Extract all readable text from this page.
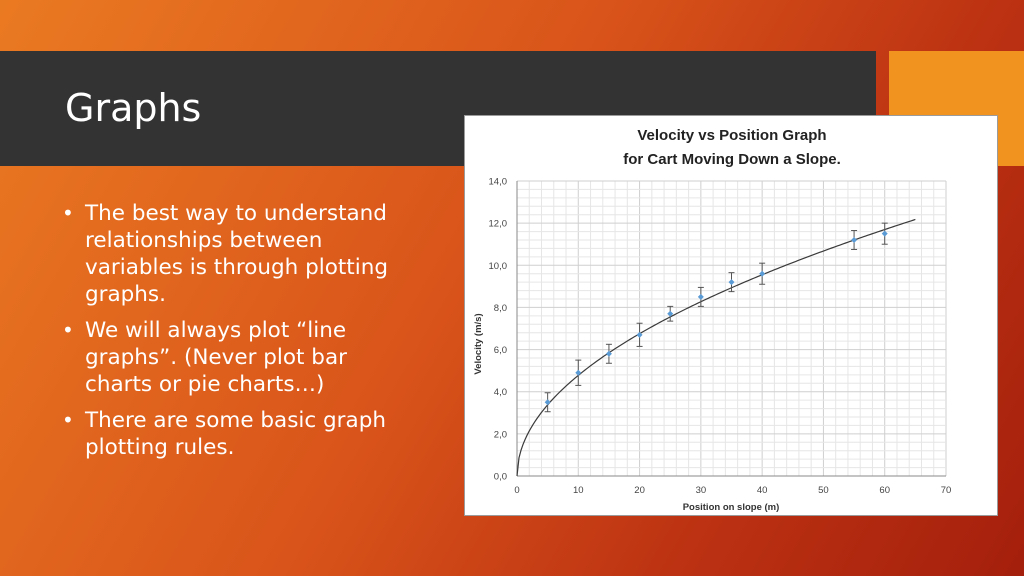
Graphs
• The best way to understand relationships between variables is through plotting graphs.
• We will always plot “line graphs”. (Never plot bar charts or pie charts…)
• There are some basic graph plotting rules.
Velocity vs Position Graph
for Cart Moving Down a Slope.
0	10	20	30	40	50	60	70
0,0
2,0
4,0
6,0
8,0
10,0
12,0
14,0
Position on slope (m)
Velocity (m/s)
